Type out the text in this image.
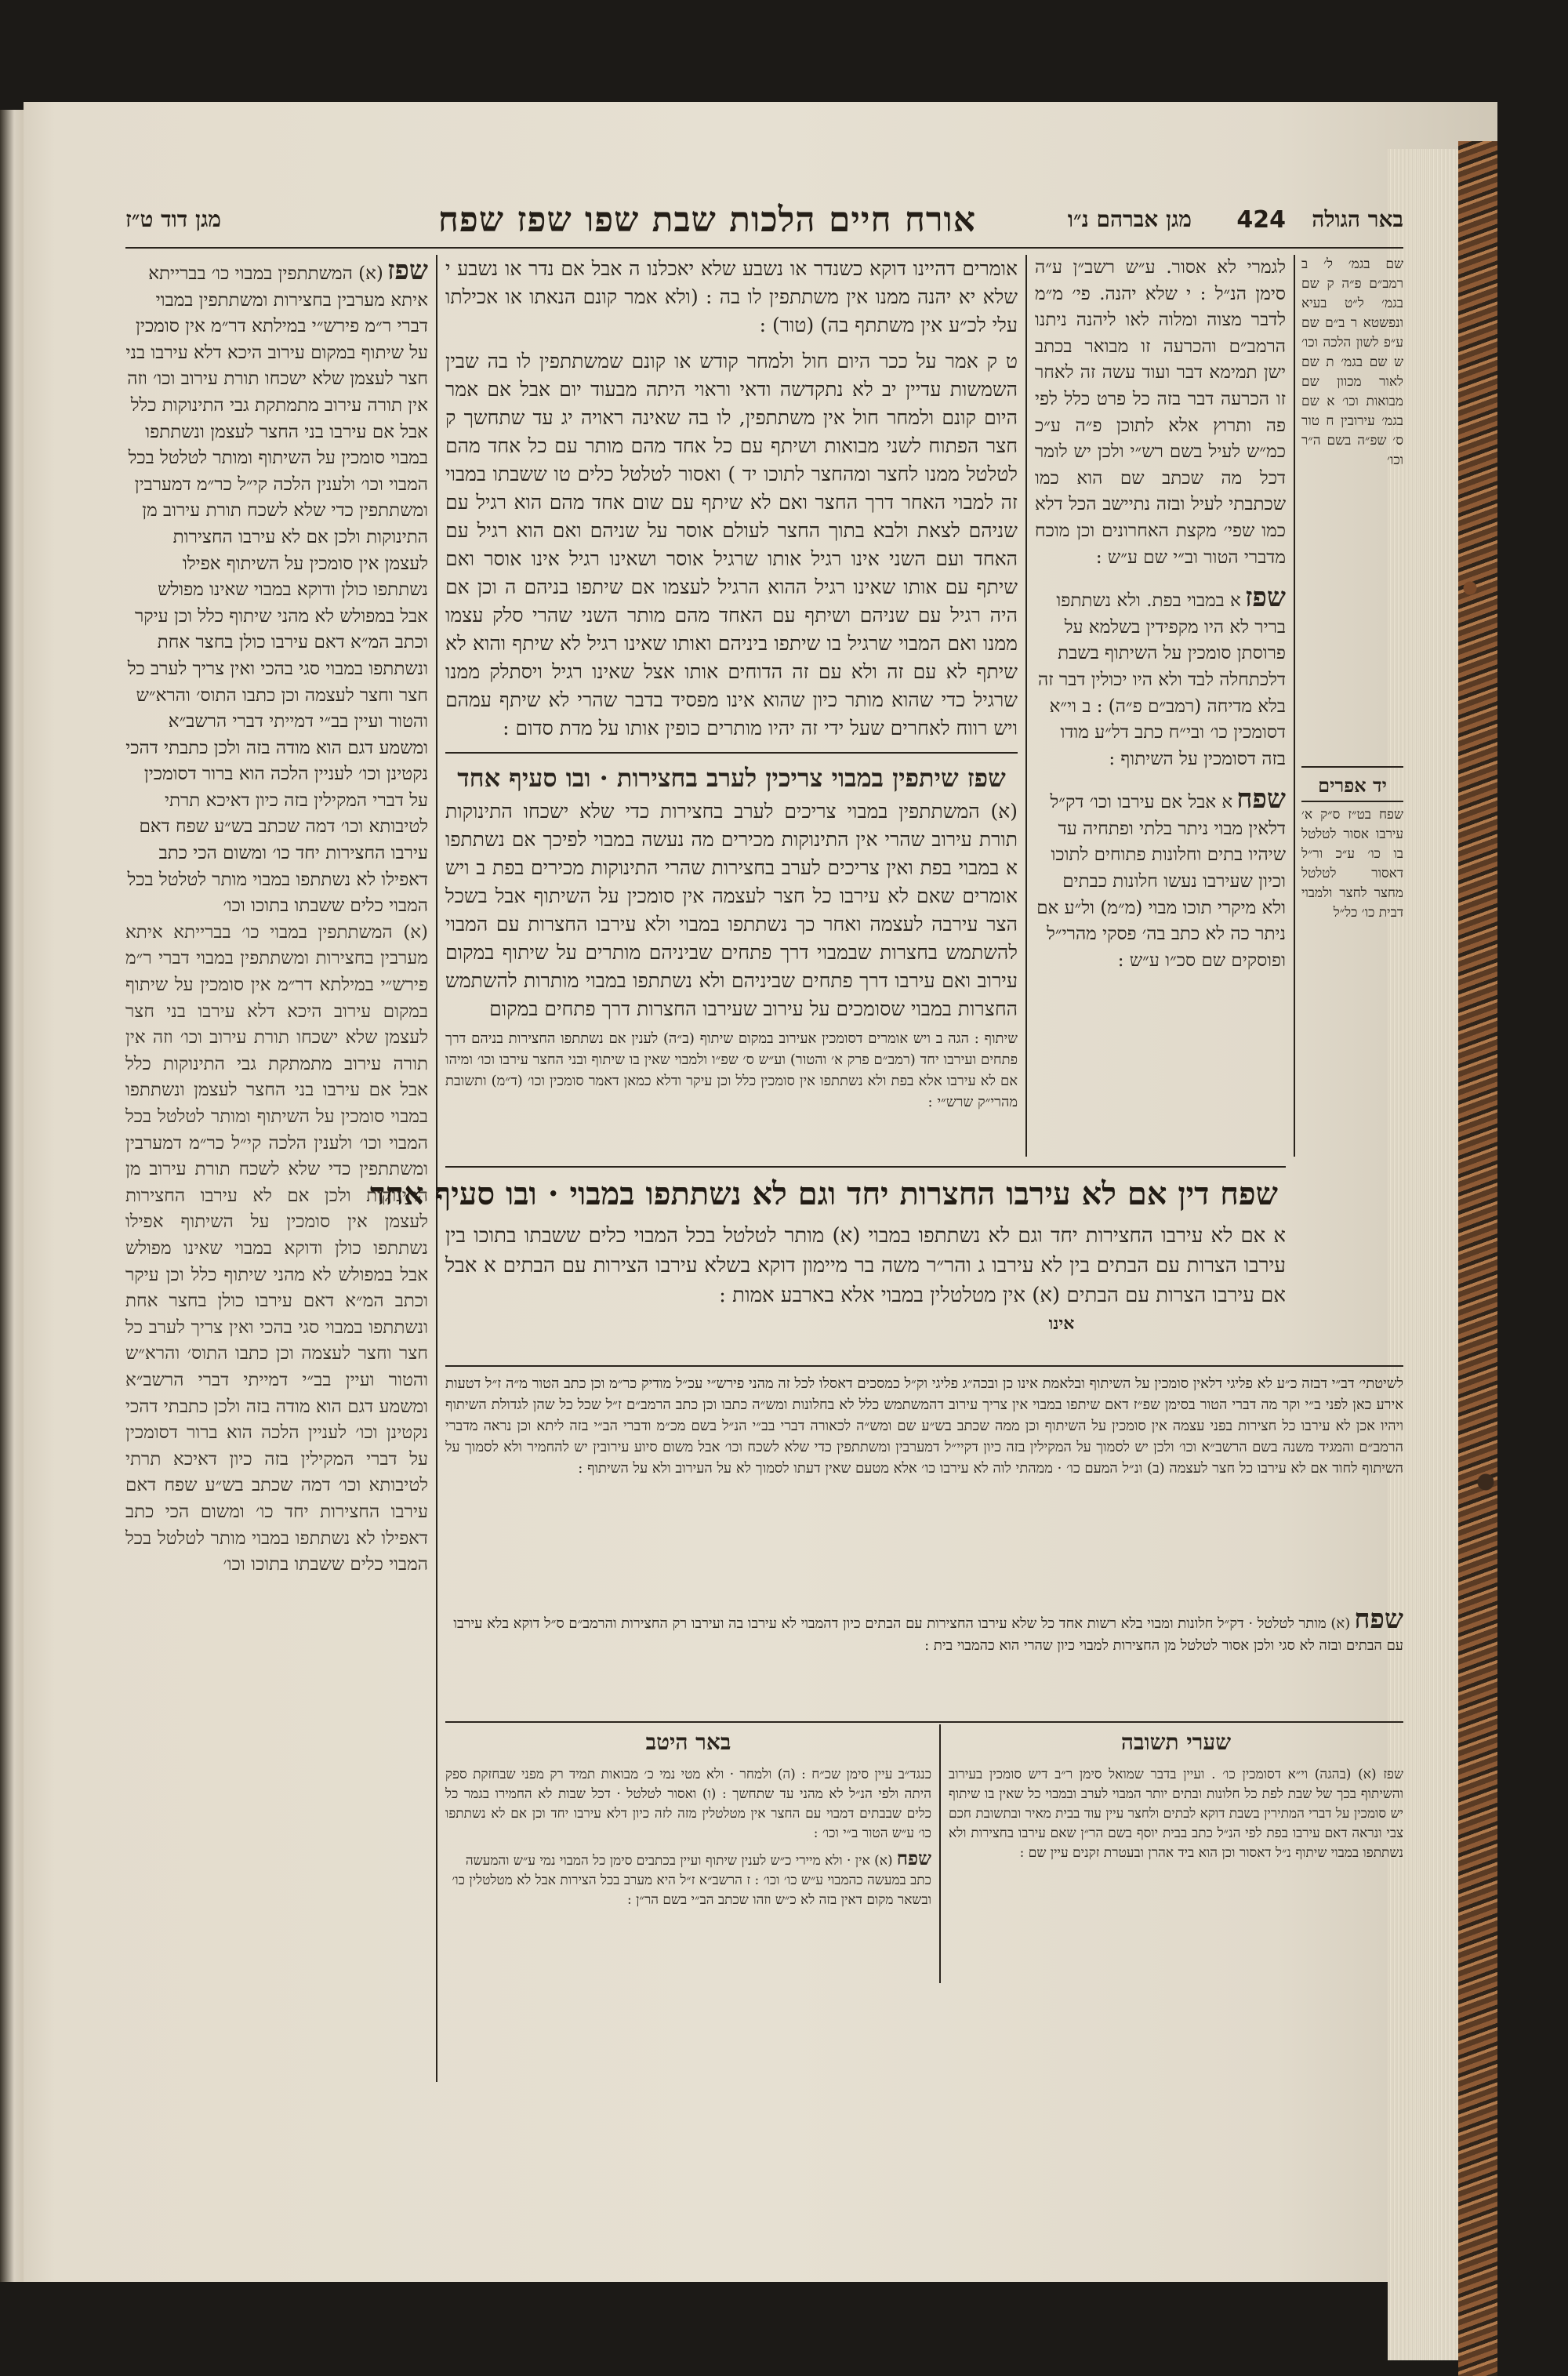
באר הגולה
424
מגן אברהם נ״ו
אורח חיים הלכות שבת שפו שפז שפח
מגן דוד ט״ז
שם בגמ׳ ל׳ ב רמב״ם פ״ה ק שם בגמ׳ ל״ט בעיא ונפשטא ר ב״ם שם ע״פ לשון הלכה וכו׳ ש שם בגמ׳ ת שם לאור מכוון שם מבואות וכו׳ א שם בגמ׳ עירובין ח טור ס׳ שפ״ה בשם ה״ר וכו׳
יד אפרים
שפח בט״ז ס״ק א׳ עירבו אסור לטלטל בו כו׳ ע״כ ור״ל דאסור לטלטל מחצר לחצר ולמבוי דבית כו׳ כל״ל
לגמרי לא אסור. ע״ש רשב״ן ע״ה סימן הנ״ל : י שלא יהנה. פי׳ מ״מ לדבר מצוה ומלוה לאו ליהנה ניתנו הרמב״ם והכרעה זו מבואר בכתב ישן תמימא דבר ועוד עשה זה לאחר זו הכרעה דבר בזה כל פרט כלל לפי פה ותרוץ אלא לתוכן פ״ה ע״כ כמ״ש לעיל בשם רש״י ולכן יש לומר דכל מה שכתב שם הוא כמו שכתבתי לעיל ובזה נתיישב הכל דלא כמו שפי׳ מקצת האחרונים וכן מוכח מדברי הטור וב״י שם ע״ש :
שפז א במבוי בפת. ולא נשתתפו בריר לא היו מקפידין בשלמא על פרוסתן סומכין על השיתוף בשבת דלכתחלה לבד ולא היו יכולין דבר זה בלא מדיחה (רמב״ם פ״ה) : ב וי״א דסומכין כו׳ ובי״ח כתב דל״ע מודו בזה דסומכין על השיתוף :
שפח א אבל אם עירבו וכו׳ דק״ל דלאין מבוי ניתר בלתי ופתחיה עד שיהיו בתים וחלונות פתוחים לתוכו וכיון שעירבו נעשו חלונות כבתים ולא מיקרי תוכו מבוי (מ״מ) ול״ע אם ניתר כה לא כתב בה׳ פסקי מהרי״ל ופוסקים שם סכ״ו ע״ש :
אומרים דהיינו דוקא כשנדר או נשבע שלא יאכלנו ה אבל אם נדר או נשבע י שלא יא יהנה ממנו אין משתתפין לו בה : (ולא אמר קונם הנאתו או אכילתו עלי לכ״ע אין משתתף בה) (טור) :
ט ק אמר על ככר היום חול ולמחר קודש או קונם שמשתתפין לו בה שבין השמשות עדיין יב לא נתקדשה ודאי וראוי היתה מבעוד יום אבל אם אמר היום קונם ולמחר חול אין משתתפין, לו בה שאינה ראויה יג עד שתחשך ק חצר הפתוח לשני מבואות ושיתף עם כל אחד מהם מותר עם כל אחד מהם לטלטל ממנו לחצר ומהחצר לתוכו יד ) ואסור לטלטל כלים טו ששבתו במבוי זה למבוי האחר דרך החצר ואם לא שיתף עם שום אחד מהם הוא רגיל עם שניהם לצאת ולבא בתוך החצר לעולם אוסר על שניהם ואם הוא רגיל עם האחד ועם השני אינו רגיל אותו שרגיל אוסר ושאינו רגיל אינו אוסר ואם שיתף עם אותו שאינו רגיל ההוא הרגיל לעצמו אם שיתפו בניהם ה וכן אם היה רגיל עם שניהם ושיתף עם האחד מהם מותר השני שהרי סלק עצמו ממנו ואם המבוי שרגיל בו שיתפו ביניהם ואותו שאינו רגיל לא שיתף והוא לא שיתף לא עם זה ולא עם זה הדוחים אותו אצל שאינו רגיל ויסתלק ממנו שרגיל כדי שהוא מותר כיון שהוא אינו מפסיד בדבר שהרי לא שיתף עמהם ויש רווח לאחרים שעל ידי זה יהיו מותרים כופין אותו על מדת סדום :
שפז שיתפין במבוי צריכין לערב בחצירות · ובו סעיף אחד
(א) המשתתפין במבוי צריכים לערב בחצירות כדי שלא ישכחו התינוקות תורת עירוב שהרי אין התינוקות מכירים מה נעשה במבוי לפיכך אם נשתתפו א במבוי בפת ואין צריכים לערב בחצירות שהרי התינוקות מכירים בפת ב ויש אומרים שאם לא עירבו כל חצר לעצמה אין סומכין על השיתוף אבל בשכל הצר עירבה לעצמה ואחר כך נשתתפו במבוי ולא עירבו החצרות עם המבוי להשתמש בחצרות שבמבוי דרך פתחים שביניהם מותרים על שיתוף במקום עירוב ואם עירבו דרך פתחים שביניהם ולא נשתתפו במבוי מותרות להשתמש החצרות במבוי שסומכים על עירוב שעירבו החצרות דרך פתחים במקום
שיתוף : הגה ב ויש אומרים דסומכין אעירוב במקום שיתוף (ב״ה) לענין אם נשתתפו החצירות בניהם דרך פתחים ועירבו יחד (רמב״ם פרק א׳ והטור) וע״ש ס׳ שפ״ו ולמבוי שאין בו שיתוף ובני החצר עירבו וכו׳ ומיהו אם לא עירבו אלא בפת ולא נשתתפו אין סומכין כלל וכן עיקר ודלא כמאן דאמר סומכין וכו׳ (ד״מ) ותשובת מהרי״ק שרש״י :
שפז (א) המשתתפין במבוי כו׳ בברייתא איתא מערבין בחצירות ומשתתפין במבוי דברי ר״מ פירש״י במילתא דר״מ אין סומכין על שיתוף במקום עירוב היכא דלא עירבו בני חצר לעצמן שלא ישכחו תורת עירוב וכו׳ וזה אין תורה עירוב מתמתקת גבי התינוקות כלל אבל אם עירבו בני החצר לעצמן ונשתתפו במבוי סומכין על השיתוף ומותר לטלטל בכל המבוי וכו׳ ולענין הלכה קי״ל כר״מ דמערבין ומשתתפין כדי שלא לשכח תורת עירוב מן התינוקות ולכן אם לא עירבו החצירות לעצמן אין סומכין על השיתוף אפילו נשתתפו כולן ודוקא במבוי שאינו מפולש אבל במפולש לא מהני שיתוף כלל וכן עיקר וכתב המ״א דאם עירבו כולן בחצר אחת ונשתתפו במבוי סגי בהכי ואין צריך לערב כל חצר וחצר לעצמה וכן כתבו התוס׳ והרא״ש והטור ועיין בב״י דמייתי דברי הרשב״א ומשמע דגם הוא מודה בזה ולכן כתבתי דהכי נקטינן וכו׳ לעניין הלכה הוא ברור דסומכין על דברי המקילין בזה כיון דאיכא תרתי לטיבותא וכו׳ דמה שכתב בש״ע שפח דאם עירבו החצירות יחד כו׳ ומשום הכי כתב דאפילו לא נשתתפו במבוי מותר לטלטל בכל המבוי כלים ששבתו בתוכו וכו׳
(א) המשתתפין במבוי כו׳ בברייתא איתא מערבין בחצירות ומשתתפין במבוי דברי ר״מ פירש״י במילתא דר״מ אין סומכין על שיתוף במקום עירוב היכא דלא עירבו בני חצר לעצמן שלא ישכחו תורת עירוב וכו׳ וזה אין תורה עירוב מתמתקת גבי התינוקות כלל אבל אם עירבו בני החצר לעצמן ונשתתפו במבוי סומכין על השיתוף ומותר לטלטל בכל המבוי וכו׳ ולענין הלכה קי״ל כר״מ דמערבין ומשתתפין כדי שלא לשכח תורת עירוב מן התינוקות ולכן אם לא עירבו החצירות לעצמן אין סומכין על השיתוף אפילו נשתתפו כולן ודוקא במבוי שאינו מפולש אבל במפולש לא מהני שיתוף כלל וכן עיקר וכתב המ״א דאם עירבו כולן בחצר אחת ונשתתפו במבוי סגי בהכי ואין צריך לערב כל חצר וחצר לעצמה וכן כתבו התוס׳ והרא״ש והטור ועיין בב״י דמייתי דברי הרשב״א ומשמע דגם הוא מודה בזה ולכן כתבתי דהכי נקטינן וכו׳ לעניין הלכה הוא ברור דסומכין על דברי המקילין בזה כיון דאיכא תרתי לטיבותא וכו׳ דמה שכתב בש״ע שפח דאם עירבו החצירות יחד כו׳ ומשום הכי כתב דאפילו לא נשתתפו במבוי מותר לטלטל בכל המבוי כלים ששבתו בתוכו וכו׳
שפח דין אם לא עירבו החצרות יחד וגם לא נשתתפו במבוי · ובו סעיף אחד
א אם לא עירבו החצירות יחד וגם לא נשתתפו במבוי (א) מותר לטלטל בכל המבוי כלים ששבתו בתוכו בין עירבו הצרות עם הבתים בין לא עירבו ג והר״ר משה בר מיימון דוקא בשלא עירבו הצירות עם הבתים א אבל אם עירבו הצרות עם הבתים (א) אין מטלטלין במבוי אלא בארבע אמות :
אינו
לשיטתי׳ דב״י דבזה כ״ע לא פליגי דלאין סומכין על השיתוף ובלאמת אינו כן ובכה״ג פליגי וק״ל כמסכים דאסלו לכל זה מהני פירש״י עכ״ל מודיק כר״מ וכן כתב הטור מ״ה ז״ל דטעות אירע כאן לפני ב״י וקר מה דברי הטור בסימן שפ״ז דאם שיתפו במבוי אין צריך עירוב דהמשתמש כלל לא בחלונות ומש״ה כתבו וכן כתב הרמב״ם ז״ל שכל כל שהן לגדולת השיתוף ויהיו אכן לא עירבו כל חצירות בפני עצמה אין סומכין על השיתוף וכן ממה שכתב בש״ע שם ומש״ה לכאורה דברי בב״י הנ״ל בשם מכ״מ ודברי הב״י בזה ליתא וכן נראה מדברי הרמב״ם והמגיד משנה בשם הרשב״א וכו׳ ולכן יש לסמוך על המקילין בזה כיון דקיי״ל דמערבין ומשתתפין כדי שלא לשכח וכו׳ אבל משום סיוע עירובין יש להחמיר ולא לסמוך על השיתוף לחוד אם לא עירבו כל חצר לעצמה (ב) ונ״ל המעם כו׳ · ממהתי לוה לא עירבו כו׳ אלא מטעם שאין דעתו לסמוך לא על העירוב ולא על השיתוף :
שפח (א) מותר לטלטל · דק״ל חלונות ומבוי בלא רשות אחד כל שלא עירבו החצירות עם הבתים כיון דהמבוי לא עירבו בה ועירבו רק החצירות והרמב״ם ס״ל דוקא בלא עירבו עם הבתים ובזה לא סגי ולכן אסור לטלטל מן החצירות למבוי כיון שהרי הוא כהמבוי בית :
שערי תשובה
שפז (א) (בהגה) וי״א דסומכין כו׳ . ועיין בדבר שמואל סימן ר״ב דיש סומכין בעירוב והשיתוף בכך של שבת לפת כל חלונות ובתים יותר המבוי לערב ובמבוי כל שאין בו שיתוף יש סומכין על דברי המתירין בשבת דוקא לבתים ולחצר עיין עוד בבית מאיר ובתשובת חכם צבי ונראה דאם עירבו בפת לפי הנ״ל כתב בבית יוסף בשם הר״ן שאם עירבו בחצירות ולא נשתתפו במבוי שיתוף נ״ל דאסור וכן הוא ביד אהרן ובעטרת זקנים עיין שם :
באר היטב
כנגד״ב עיין סימן שכ״ח : (ה) ולמחר · ולא מטי נמי כ׳ מבואות תמיד רק מפני שבחזקת ספק היתה ולפי הנ״ל לא מהני עד שתחשך : (ו) ואסור לטלטל · דכל שבות לא החמירו בגמר כל כלים שבבתים דמבוי עם החצר אין מטלטלין מזה לזה כיון דלא עירבו יחד וכן אם לא נשתתפו כו׳ ע״ש הטור ב״י וכו׳ :
שפח (א) אין · ולא מיירי כ״ש לענין שיתוף ועיין בכתבים סימן כל המבוי נמי ע״ש והמעשה כתב במעשה כהמבוי ע״ש כו׳ וכו׳ : ז הרשב״א ז״ל היא מערב בכל הצירות אבל לא מטלטלין כו׳ ובשאר מקום דאין בזה לא כ״ש וזהו שכתב הב״י בשם הר״ן :
